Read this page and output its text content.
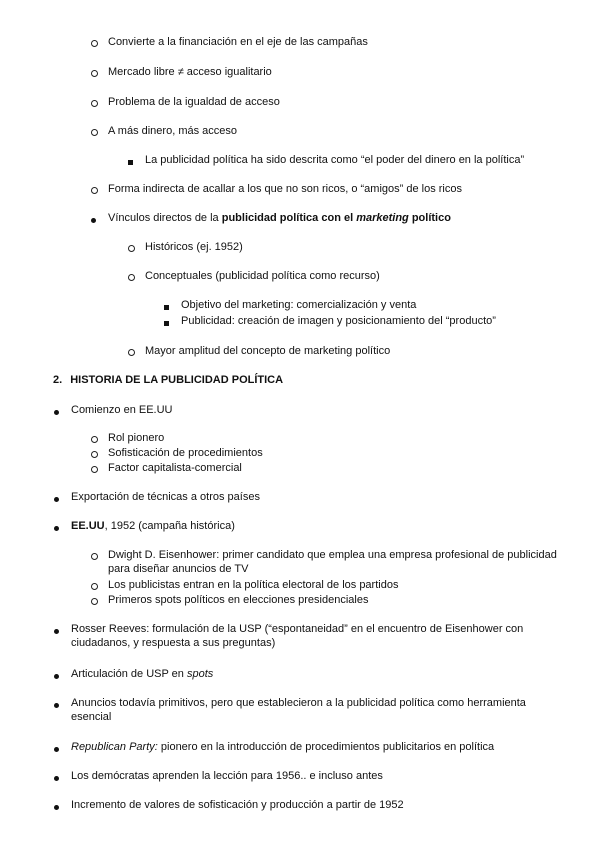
Convierte a la financiación en el eje de las campañas
Mercado libre ≠ acceso igualitario
Problema de la igualdad de acceso
A más dinero, más acceso
La publicidad política ha sido descrita como “el poder del dinero en la política”
Forma indirecta de acallar a los que no son ricos, o “amigos” de los ricos
Vínculos directos de la publicidad política con el marketing político
Históricos (ej. 1952)
Conceptuales (publicidad política como recurso)
Objetivo del marketing: comercialización y venta
Publicidad: creación de imagen y posicionamiento del “producto”
Mayor amplitud del concepto de marketing político
2. HISTORIA DE LA PUBLICIDAD POLÍTICA
Comienzo en EE.UU
Rol pionero
Sofisticación de procedimientos
Factor capitalista-comercial
Exportación de técnicas a otros países
EE.UU, 1952 (campaña histórica)
Dwight D. Eisenhower: primer candidato que emplea una empresa profesional de publicidad para diseñar anuncios de TV
Los publicistas entran en la política electoral de los partidos
Primeros spots políticos en elecciones presidenciales
Rosser Reeves: formulación de la USP (“espontaneidad” en el encuentro de Eisenhower con ciudadanos, y respuesta a sus preguntas)
Articulación de USP en spots
Anuncios todavía primitivos, pero que establecieron a la publicidad política como herramienta esencial
Republican Party: pionero en la introducción de procedimientos publicitarios en política
Los demócratas aprenden la lección para 1956.. e incluso antes
Incremento de valores de sofisticación y producción a partir de 1952
